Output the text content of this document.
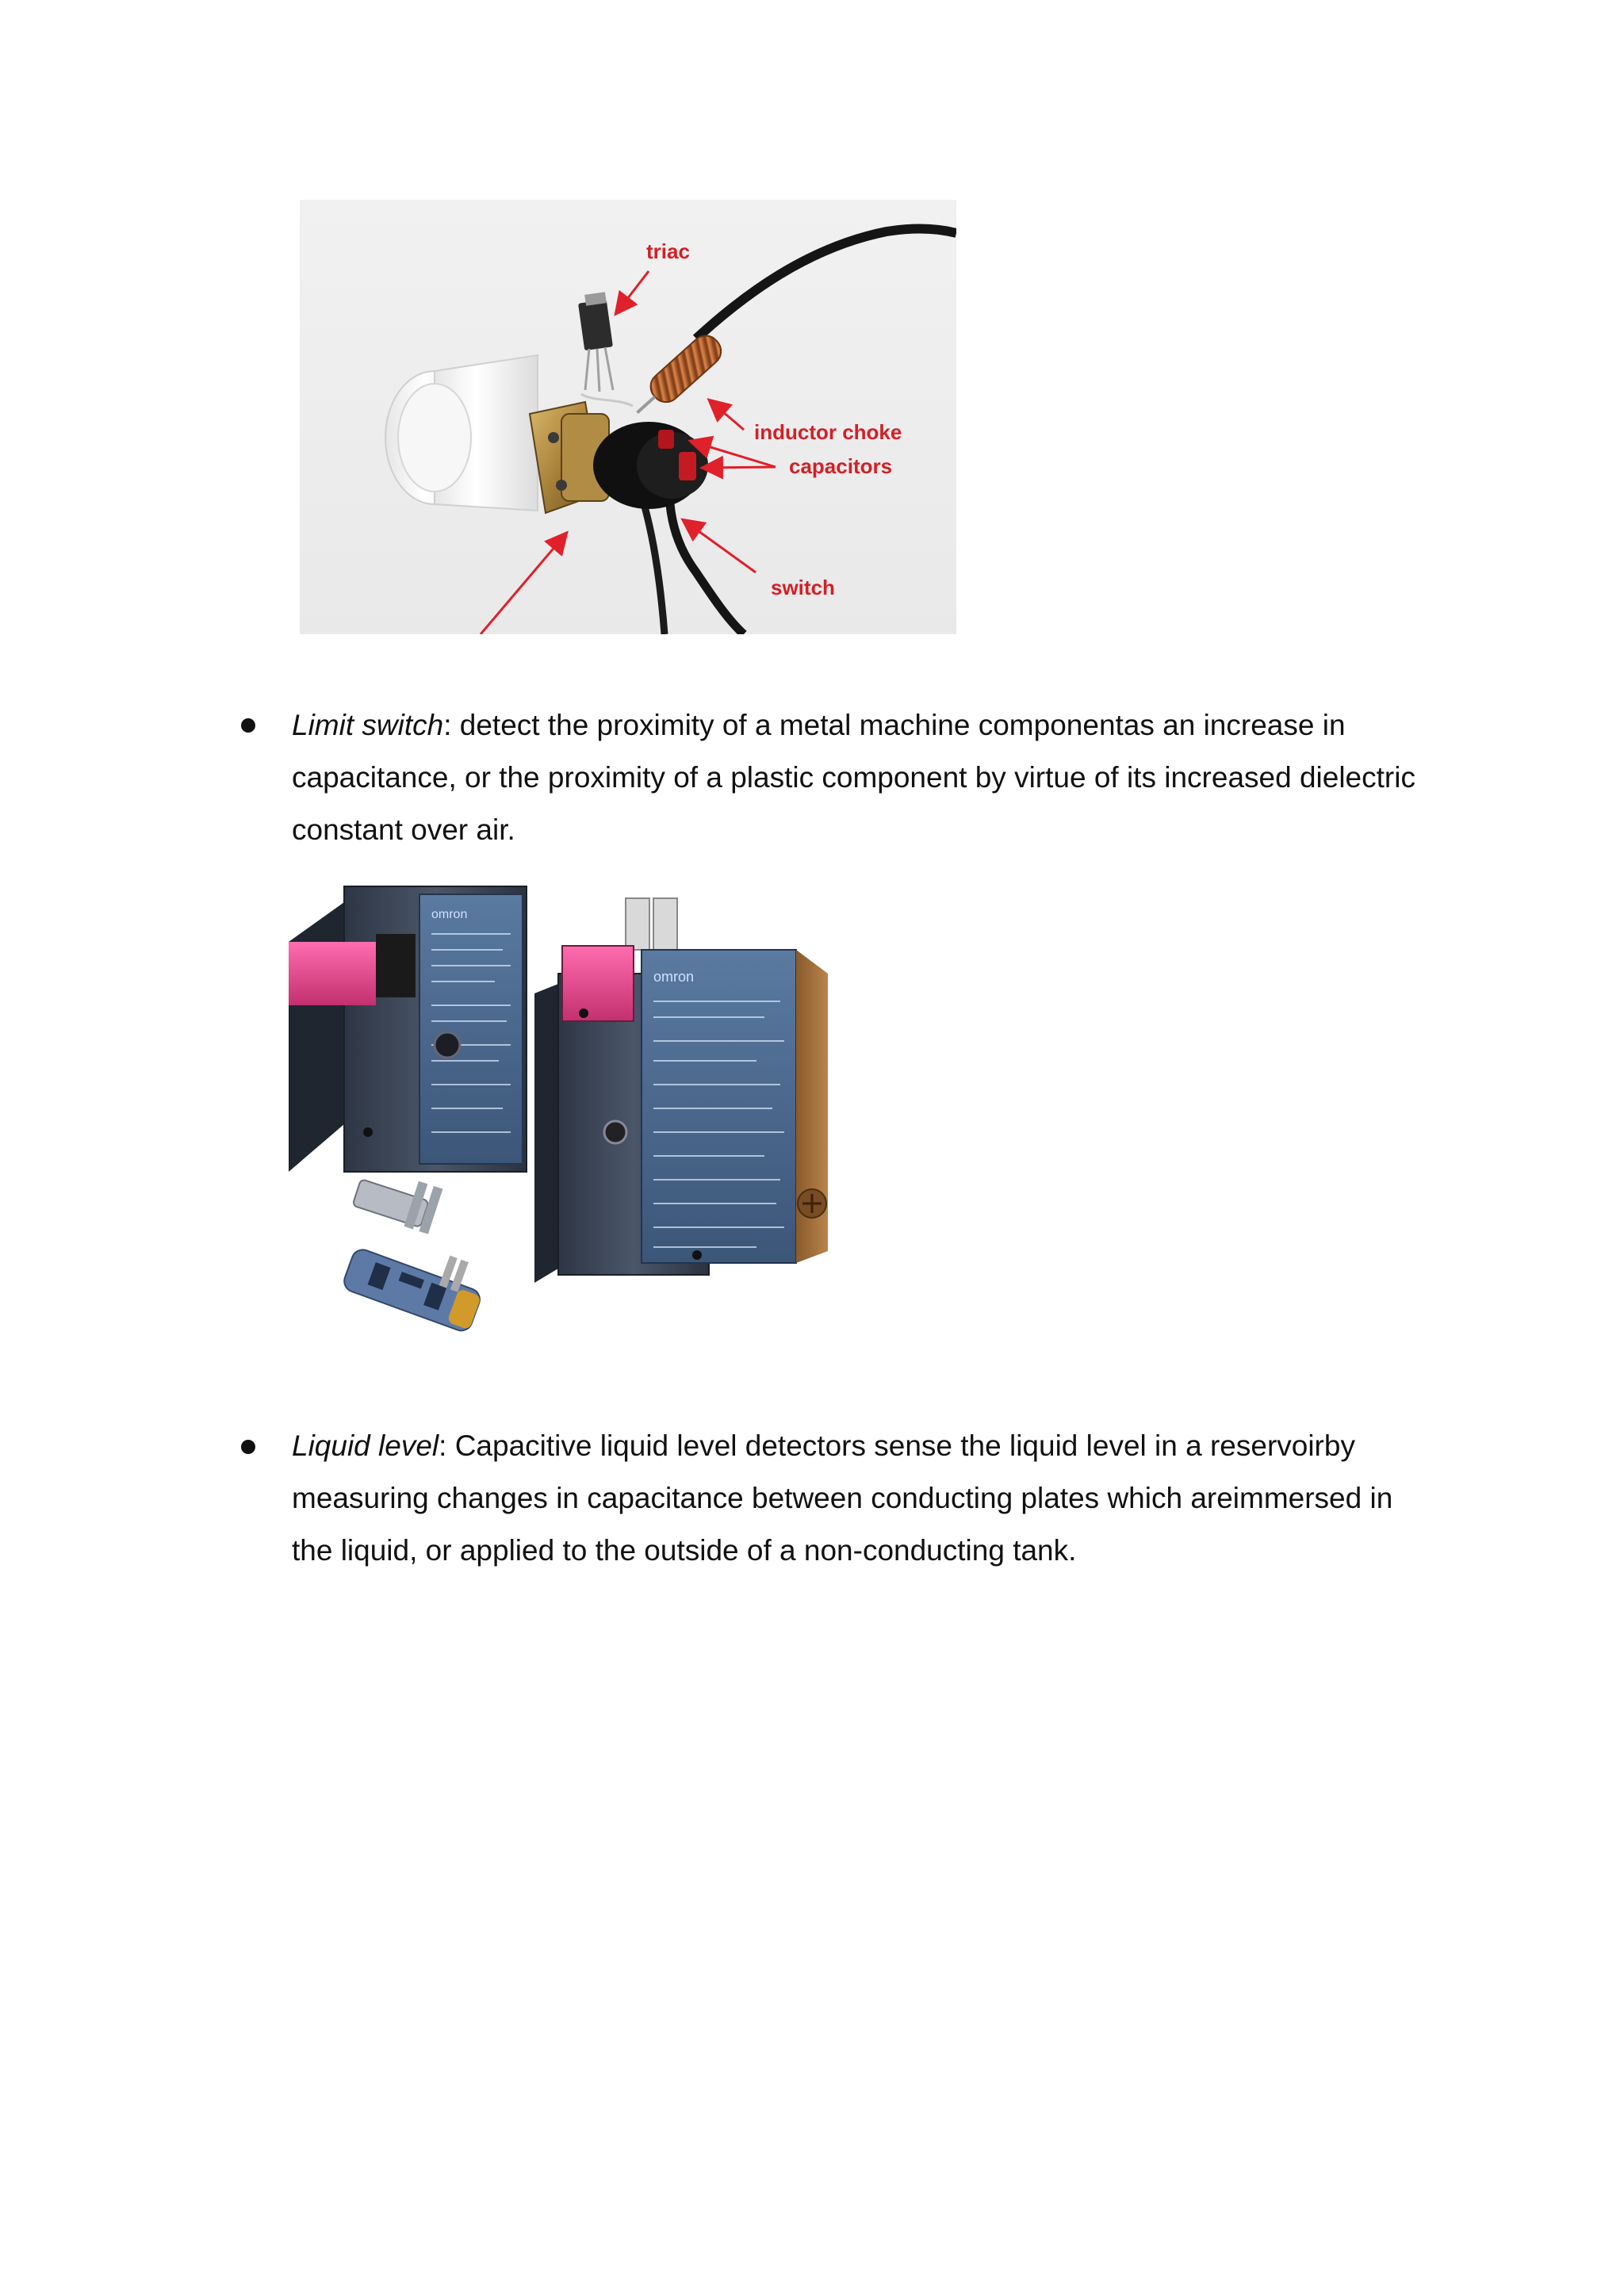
triac
inductor choke
capacitors
switch
Limit switch: detect the proximity of a metal machine componentas an increase in capacitance, or the proximity of a plastic component by virtue of its increased dielectric constant over air.
omron
omron
Liquid level: Capacitive liquid level detectors sense the liquid level in a reservoirby measuring changes in capacitance between conducting plates which areimmersed in the liquid, or applied to the outside of a non-conducting tank.
